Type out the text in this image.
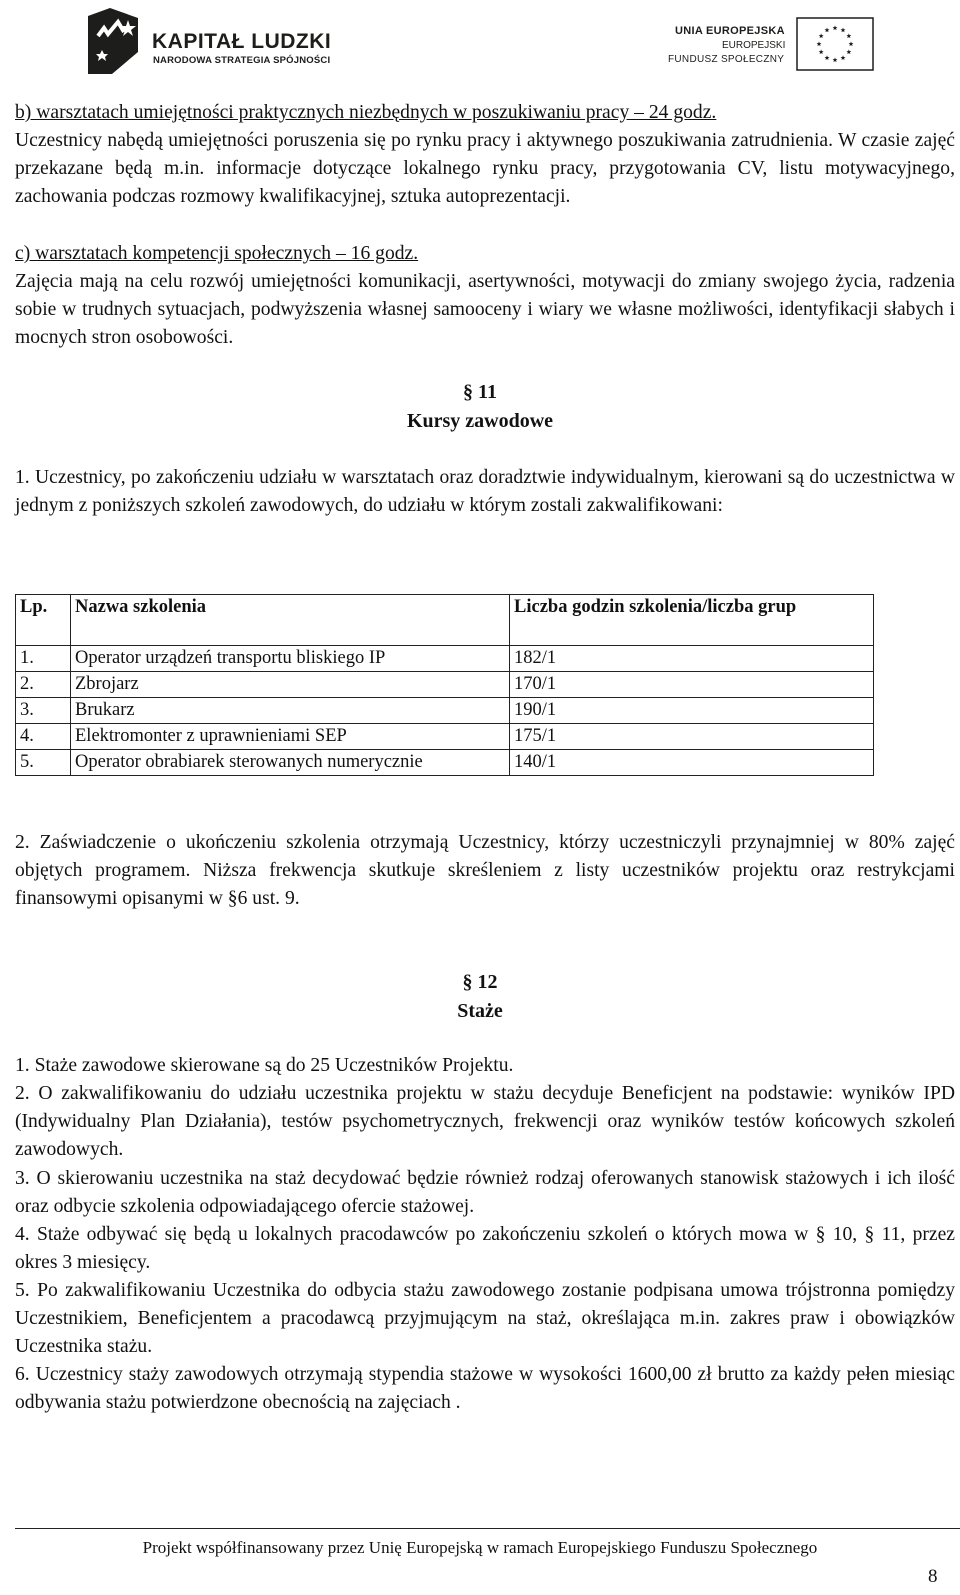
KAPITAŁ LUDZKI
NARODOWA STRATEGIA SPÓJNOŚCI
UNIA EUROPEJSKA
EUROPEJSKI
FUNDUSZ SPOŁECZNY
b) warsztatach umiejętności praktycznych niezbędnych w poszukiwaniu pracy – 24 godz.
Uczestnicy nabędą umiejętności poruszenia się po rynku pracy i aktywnego poszukiwania zatrudnienia. W czasie zajęć przekazane będą m.in. informacje dotyczące lokalnego rynku pracy, przygotowania CV, listu motywacyjnego, zachowania podczas rozmowy kwalifikacyjnej, sztuka autoprezentacji.
c) warsztatach kompetencji społecznych – 16 godz.
Zajęcia mają na celu rozwój umiejętności komunikacji, asertywności, motywacji do zmiany swojego życia, radzenia sobie w trudnych sytuacjach, podwyższenia własnej samooceny i wiary we własne możliwości, identyfikacji słabych i mocnych stron osobowości.
§ 11
Kursy zawodowe
1. Uczestnicy, po zakończeniu udziału w warsztatach oraz doradztwie indywidualnym, kierowani są do uczestnictwa w jednym z poniższych szkoleń zawodowych, do udziału w którym zostali zakwalifikowani:
Lp.	Nazwa szkolenia	Liczba godzin szkolenia/liczba grup
1.	Operator urządzeń transportu bliskiego IP	182/1
2.	Zbrojarz	170/1
3.	Brukarz	190/1
4.	Elektromonter z uprawnieniami SEP	175/1
5.	Operator obrabiarek sterowanych numerycznie	140/1
2. Zaświadczenie o ukończeniu szkolenia otrzymają Uczestnicy, którzy uczestniczyli przynajmniej w 80% zajęć objętych programem. Niższa frekwencja skutkuje skreśleniem z listy uczestników projektu oraz restrykcjami finansowymi opisanymi w §6 ust. 9.
§ 12
Staże
1. Staże zawodowe skierowane są do 25 Uczestników Projektu.
2. O zakwalifikowaniu do udziału uczestnika projektu w stażu decyduje Beneficjent na podstawie: wyników IPD (Indywidualny Plan Działania), testów psychometrycznych, frekwencji oraz wyników testów końcowych szkoleń zawodowych.
3. O skierowaniu uczestnika na staż decydować będzie również rodzaj oferowanych stanowisk stażowych i ich ilość oraz odbycie szkolenia odpowiadającego ofercie stażowej.
4. Staże odbywać się będą u lokalnych pracodawców po zakończeniu szkoleń o których mowa w § 10, § 11, przez okres 3 miesięcy.
5. Po zakwalifikowaniu Uczestnika do odbycia stażu zawodowego zostanie podpisana umowa trójstronna pomiędzy Uczestnikiem, Beneficjentem a pracodawcą przyjmującym na staż, określająca m.in. zakres praw i obowiązków Uczestnika stażu.
6. Uczestnicy staży zawodowych otrzymają stypendia stażowe w wysokości 1600,00 zł brutto za każdy pełen miesiąc odbywania stażu potwierdzone obecnością na zajęciach .
Projekt współfinansowany przez Unię Europejską w ramach Europejskiego Funduszu Społecznego
8
